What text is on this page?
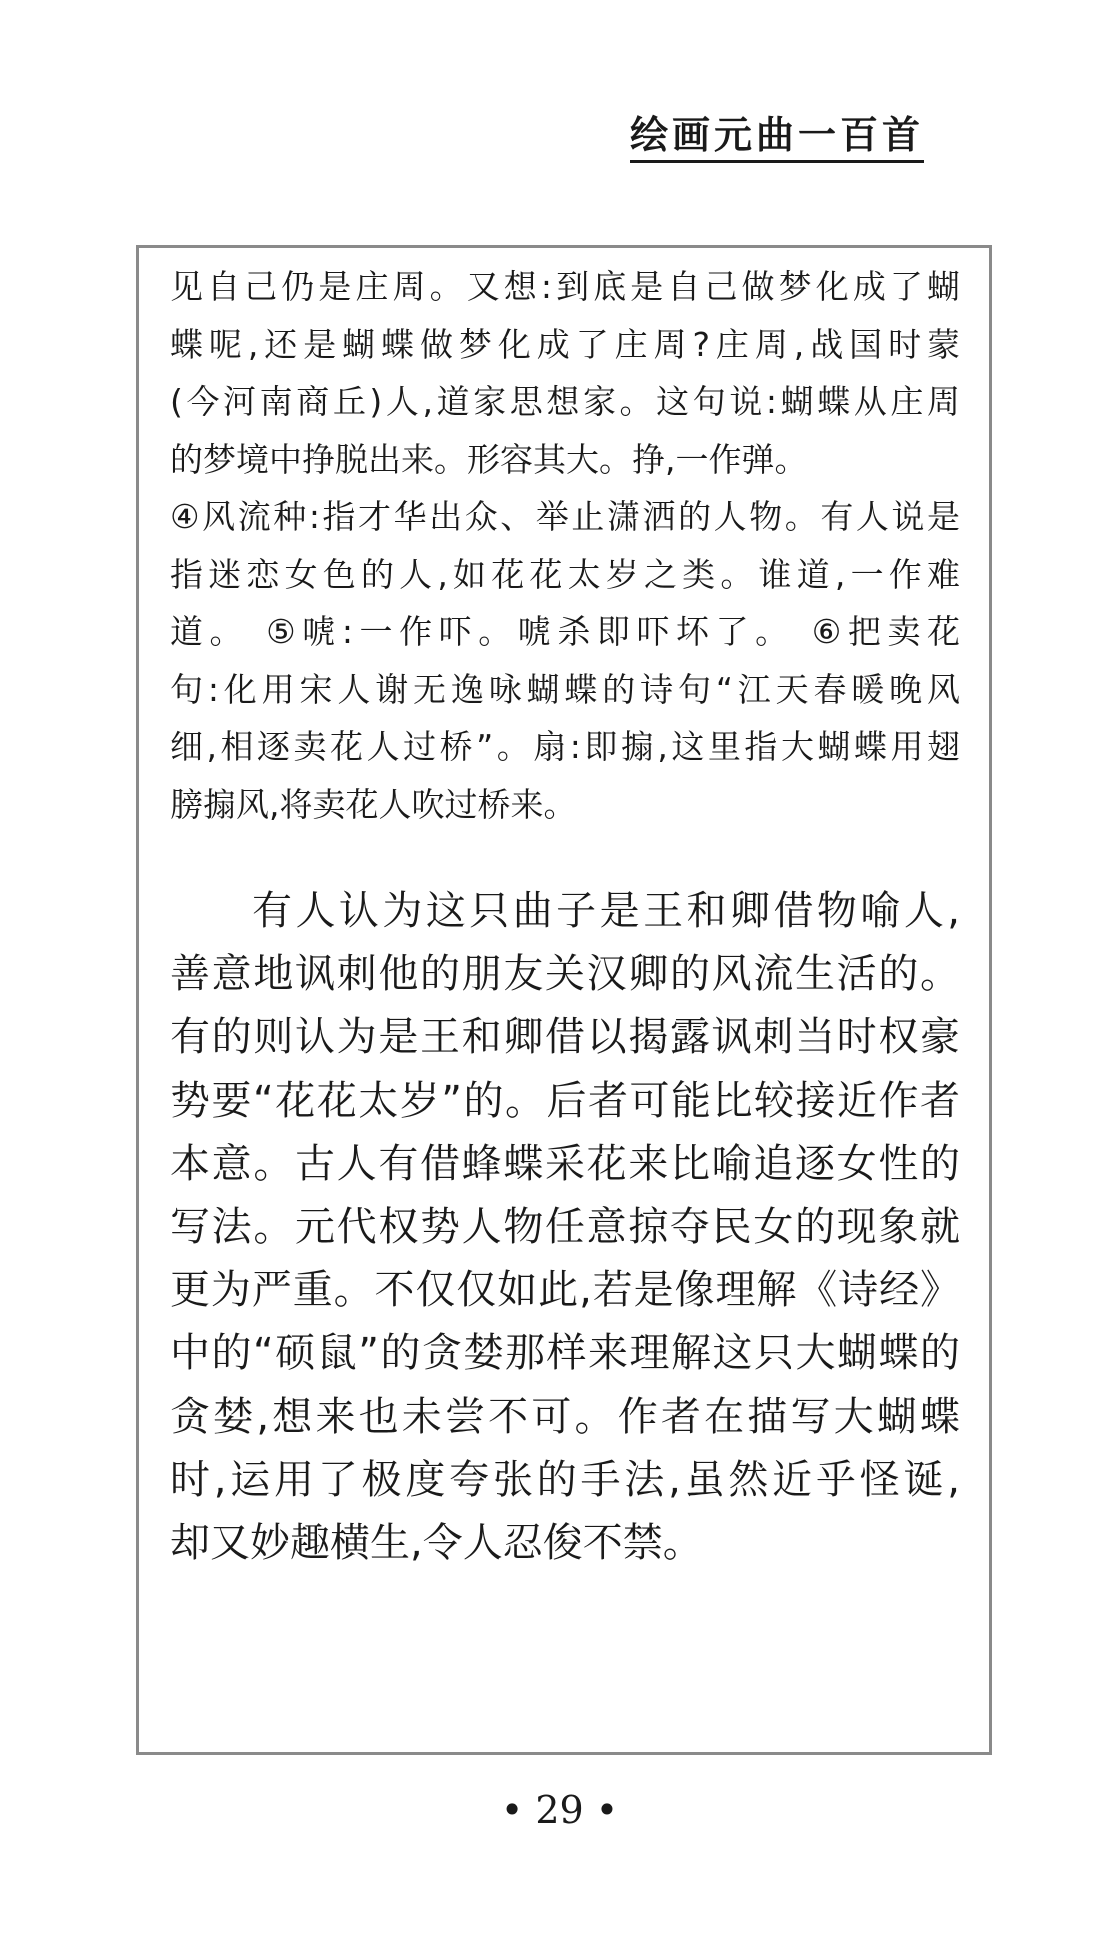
绘画元曲一百首
见自己仍是庄周。又想:到底是自己做梦化成了蝴
蝶呢,还是蝴蝶做梦化成了庄周?庄周,战国时蒙
(今河南商丘)人,道家思想家。这句说:蝴蝶从庄周
的梦境中挣脱出来。形容其大。挣,一作弹。
④风流种:指才华出众、举止潇洒的人物。有人说是
指迷恋女色的人,如花花太岁之类。谁道,一作难
道。 ⑤唬:一作吓。唬杀即吓坏了。 ⑥把卖花
句:化用宋人谢无逸咏蝴蝶的诗句“江天春暖晚风
细,相逐卖花人过桥”。扇:即搧,这里指大蝴蝶用翅
膀搧风,将卖花人吹过桥来。
有人认为这只曲子是王和卿借物喻人,
善意地讽刺他的朋友关汉卿的风流生活的。
有的则认为是王和卿借以揭露讽刺当时权豪
势要“花花太岁”的。后者可能比较接近作者
本意。古人有借蜂蝶采花来比喻追逐女性的
写法。元代权势人物任意掠夺民女的现象就
更为严重。不仅仅如此,若是像理解《诗经》
中的“硕鼠”的贪婪那样来理解这只大蝴蝶的
贪婪,想来也未尝不可。作者在描写大蝴蝶
时,运用了极度夸张的手法,虽然近乎怪诞,
却又妙趣横生,令人忍俊不禁。
• 29 •
